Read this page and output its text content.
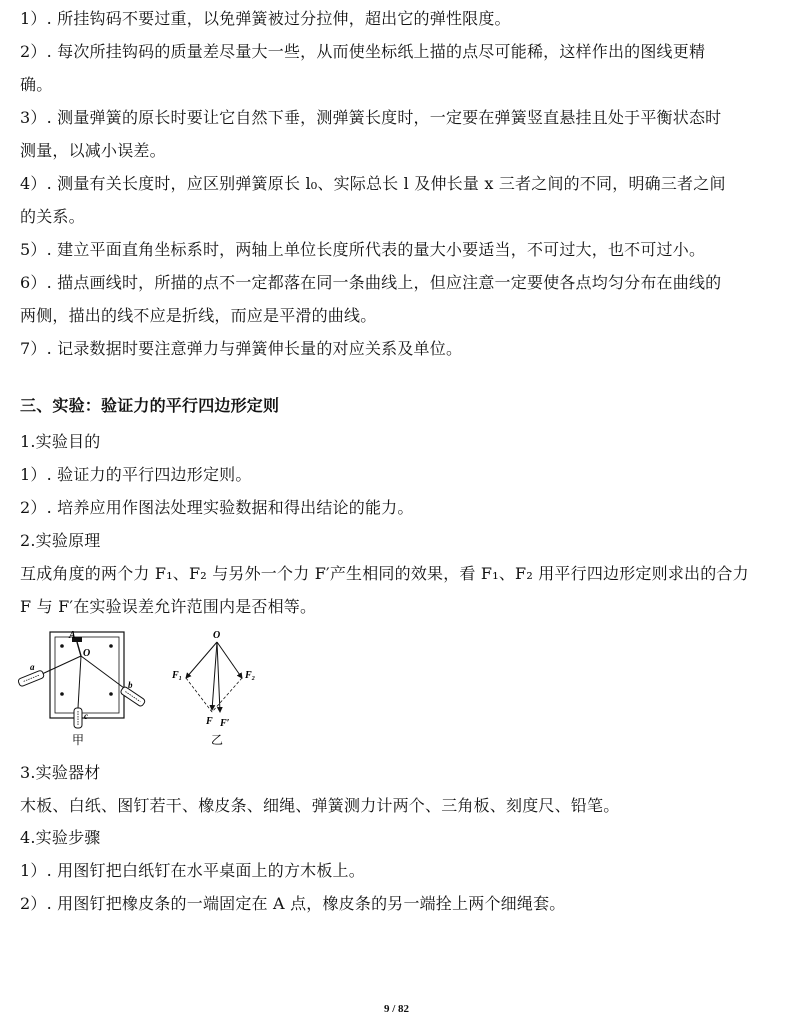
1）. 所挂钩码不要过重，以免弹簧被过分拉伸，超出它的弹性限度。
2）. 每次所挂钩码的质量差尽量大一些，从而使坐标纸上描的点尽可能稀，这样作出的图线更精
确。
3）. 测量弹簧的原长时要让它自然下垂，测弹簧长度时，一定要在弹簧竖直悬挂且处于平衡状态时
测量，以减小误差。
4）. 测量有关长度时，应区别弹簧原长 l₀、实际总长 l 及伸长量 x 三者之间的不同，明确三者之间
的关系。
5）. 建立平面直角坐标系时，两轴上单位长度所代表的量大小要适当，不可过大，也不可过小。
6）. 描点画线时，所描的点不一定都落在同一条曲线上，但应注意一定要使各点均匀分布在曲线的
两侧，描出的线不应是折线，而应是平滑的曲线。
7）. 记录数据时要注意弹力与弹簧伸长量的对应关系及单位。
三、实验：验证力的平行四边形定则
1.实验目的
1）. 验证力的平行四边形定则。
2）. 培养应用作图法处理实验数据和得出结论的能力。
2.实验原理
互成角度的两个力 F₁、F₂ 与另外一个力 F′产生相同的效果，看 F₁、F₂ 用平行四边形定则求出的合力
F 与 F′在实验误差允许范围内是否相等。
A
O
a
b
c
甲
O
F₁	F₂
F F′
乙
3.实验器材
木板、白纸、图钉若干、橡皮条、细绳、弹簧测力计两个、三角板、刻度尺、铅笔。
4.实验步骤
1）. 用图钉把白纸钉在水平桌面上的方木板上。
2）. 用图钉把橡皮条的一端固定在 A 点，橡皮条的另一端拴上两个细绳套。
9 / 82
